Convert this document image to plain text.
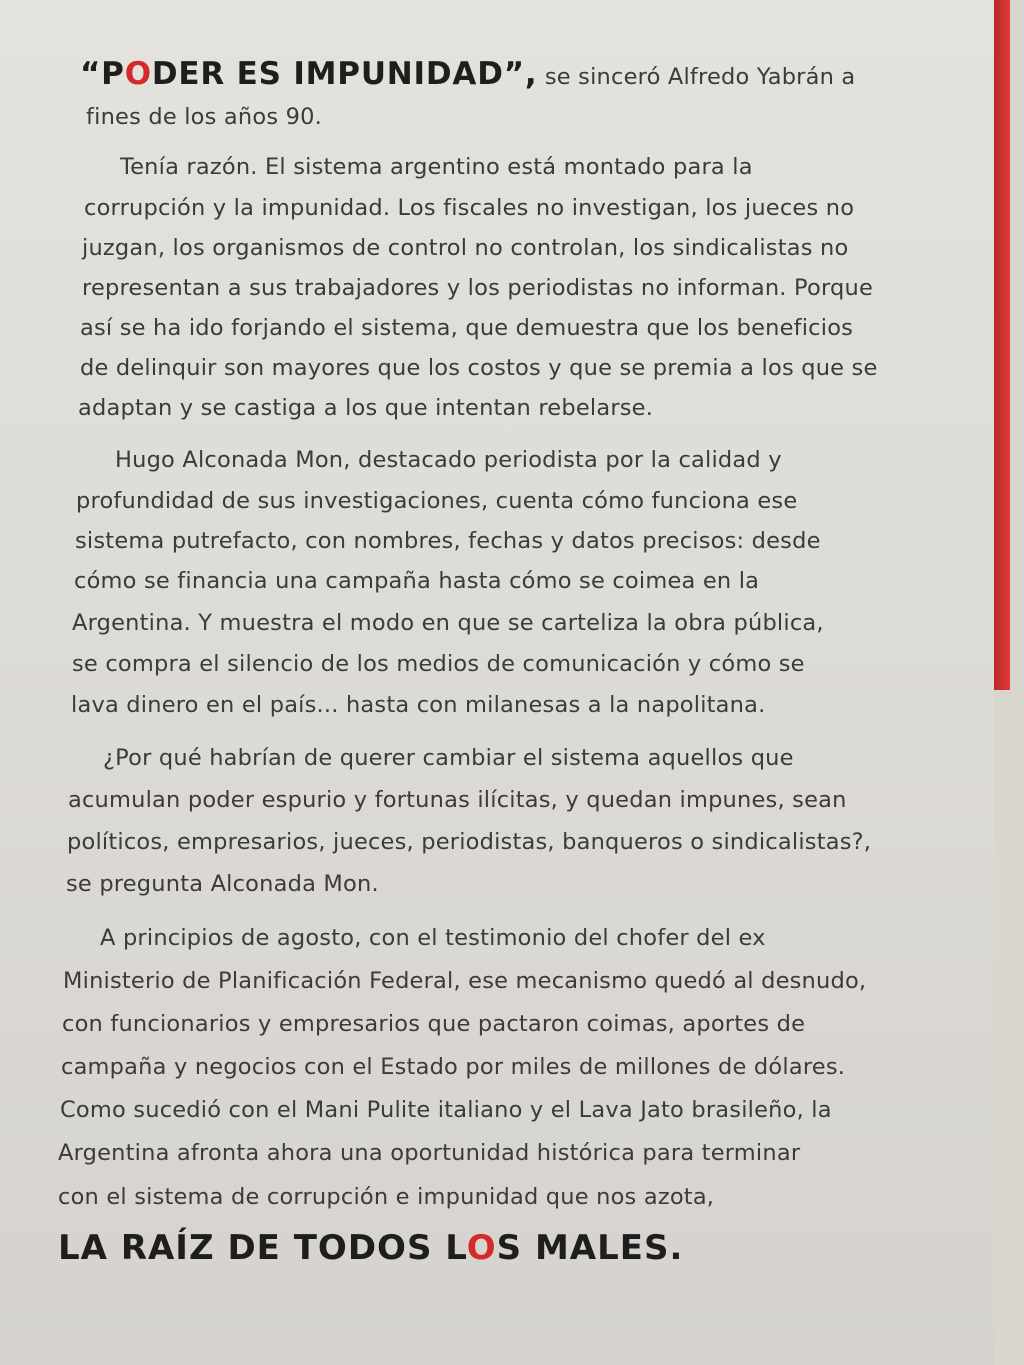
“PODER ES IMPUNIDAD”, se sinceró Alfredo Yabrán a
fines de los años 90.
Tenía razón. El sistema argentino está montado para la
corrupción y la impunidad. Los fiscales no investigan, los jueces no
juzgan, los organismos de control no controlan, los sindicalistas no
representan a sus trabajadores y los periodistas no informan. Porque
así se ha ido forjando el sistema, que demuestra que los beneficios
de delinquir son mayores que los costos y que se premia a los que se
adaptan y se castiga a los que intentan rebelarse.
Hugo Alconada Mon, destacado periodista por la calidad y
profundidad de sus investigaciones, cuenta cómo funciona ese
sistema putrefacto, con nombres, fechas y datos precisos: desde
cómo se financia una campaña hasta cómo se coimea en la
Argentina. Y muestra el modo en que se carteliza la obra pública,
se compra el silencio de los medios de comunicación y cómo se
lava dinero en el país... hasta con milanesas a la napolitana.
¿Por qué habrían de querer cambiar el sistema aquellos que
acumulan poder espurio y fortunas ilícitas, y quedan impunes, sean
políticos, empresarios, jueces, periodistas, banqueros o sindicalistas?,
se pregunta Alconada Mon.
A principios de agosto, con el testimonio del chofer del ex
Ministerio de Planificación Federal, ese mecanismo quedó al desnudo,
con funcionarios y empresarios que pactaron coimas, aportes de
campaña y negocios con el Estado por miles de millones de dólares.
Como sucedió con el Mani Pulite italiano y el Lava Jato brasileño, la
Argentina afronta ahora una oportunidad histórica para terminar
con el sistema de corrupción e impunidad que nos azota,
LA RAÍZ DE TODOS LOS MALES.
